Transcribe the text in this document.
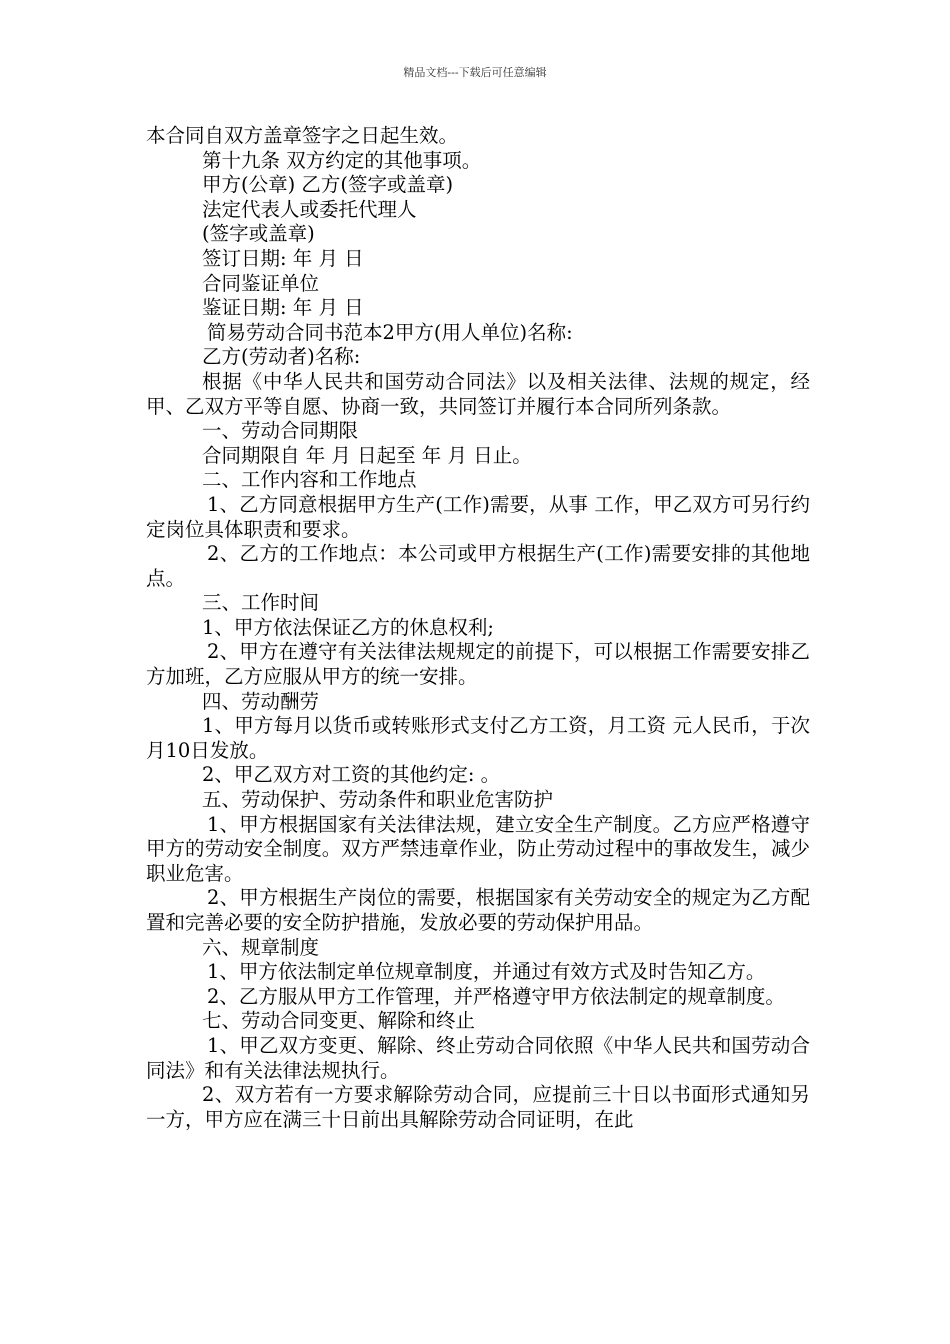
精品文档---下载后可任意编辑

本合同自双方盖章签字之日起生效。

第十九条 双方约定的其他事项。

甲方(公章) 乙方(签字或盖章)

法定代表人或委托代理人

(签字或盖章)

签订日期: 年 月 日

合同鉴证单位

鉴证日期: 年 月 日

简易劳动合同书范本2甲方(用人单位)名称:

乙方(劳动者)名称:

根据《中华人民共和国劳动合同法》以及相关法律、法规的规定，经甲、乙双方平等自愿、协商一致，共同签订并履行本合同所列条款。

一、劳动合同期限

合同期限自 年 月 日起至 年 月 日止。

二、工作内容和工作地点

1、乙方同意根据甲方生产(工作)需要，从事 工作，甲乙双方可另行约定岗位具体职责和要求。

2、乙方的工作地点：本公司或甲方根据生产(工作)需要安排的其他地点。

三、工作时间

1、甲方依法保证乙方的休息权利;

2、甲方在遵守有关法律法规规定的前提下，可以根据工作需要安排乙方加班，乙方应服从甲方的统一安排。

四、劳动酬劳

1、甲方每月以货币或转账形式支付乙方工资，月工资 元人民币，于次月10日发放。

2、甲乙双方对工资的其他约定: 。

五、劳动保护、劳动条件和职业危害防护

1、甲方根据国家有关法律法规，建立安全生产制度。乙方应严格遵守甲方的劳动安全制度。双方严禁违章作业，防止劳动过程中的事故发生，减少职业危害。

2、甲方根据生产岗位的需要，根据国家有关劳动安全的规定为乙方配置和完善必要的安全防护措施，发放必要的劳动保护用品。

六、规章制度

1、甲方依法制定单位规章制度，并通过有效方式及时告知乙方。

2、乙方服从甲方工作管理，并严格遵守甲方依法制定的规章制度。

七、劳动合同变更、解除和终止

1、甲乙双方变更、解除、终止劳动合同依照《中华人民共和国劳动合同法》和有关法律法规执行。

2、双方若有一方要求解除劳动合同，应提前三十日以书面形式通知另一方，甲方应在满三十日前出具解除劳动合同证明，在此
